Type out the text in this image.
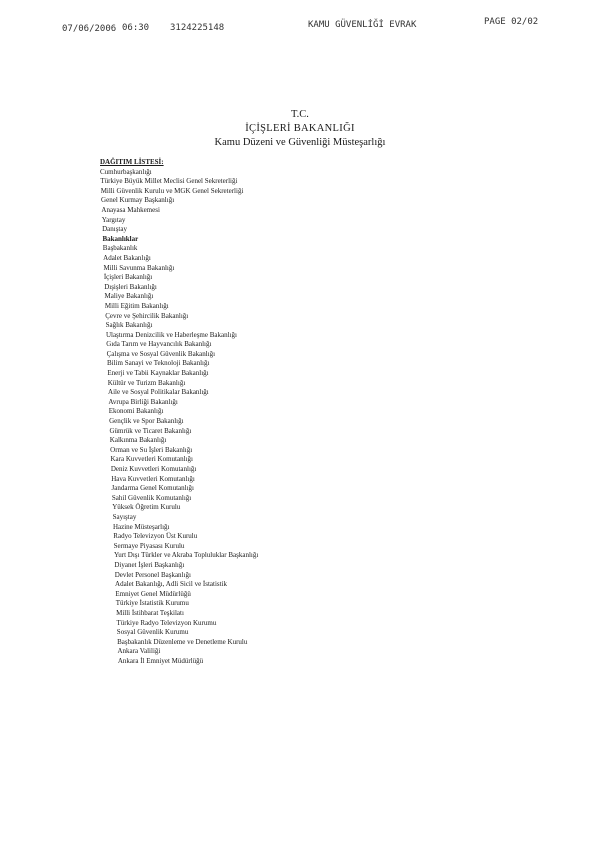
07/06/2006 06:30 3124225148	KAMU GÜVENLİĞİ EVRAK	PAGE 02/02
T.C.
İÇİŞLERİ BAKANLIĞI
Kamu Düzeni ve Güvenliği Müsteşarlığı
DAĞITIM LİSTESİ:
Cumhurbaşkanlığı
Türkiye Büyük Millet Meclisi Genel Sekreterliği
Milli Güvenlik Kurulu ve MGK Genel Sekreterliği
Genel Kurmay Başkanlığı
Anayasa Mahkemesi
Yargıtay
Danıştay
Bakanlıklar
Başbakanlık
Adalet Bakanlığı
Milli Savunma Bakanlığı
İçişleri Bakanlığı
Dışişleri Bakanlığı
Maliye Bakanlığı
Milli Eğitim Bakanlığı
Çevre ve Şehircilik Bakanlığı
Sağlık Bakanlığı
Ulaştırma Denizcilik ve Haberleşme Bakanlığı
Gıda Tarım ve Hayvancılık Bakanlığı
Çalışma ve Sosyal Güvenlik Bakanlığı
Bilim Sanayi ve Teknoloji Bakanlığı
Enerji ve Tabii Kaynaklar Bakanlığı
Kültür ve Turizm Bakanlığı
Aile ve Sosyal Politikalar Bakanlığı
Avrupa Birliği Bakanlığı
Ekonomi Bakanlığı
Gençlik ve Spor Bakanlığı
Gümrük ve Ticaret Bakanlığı
Kalkınma Bakanlığı
Orman ve Su İşleri Bakanlığı
Kara Kuvvetleri Komutanlığı
Deniz Kuvvetleri Komutanlığı
Hava Kuvvetleri Komutanlığı
Jandarma Genel Komutanlığı
Sahil Güvenlik Komutanlığı
Yüksek Öğretim Kurulu
Sayıştay
Hazine Müsteşarlığı
Radyo Televizyon Üst Kurulu
Sermaye Piyasası Kurulu
Yurt Dışı Türkler ve Akraba Topluluklar Başkanlığı
Diyanet İşleri Başkanlığı
Devlet Personel Başkanlığı
Adalet Bakanlığı, Adli Sicil ve İstatistik
Emniyet Genel Müdürlüğü
Türkiye İstatistik Kurumu
Milli İstihbarat Teşkilatı
Türkiye Radyo Televizyon Kurumu
Sosyal Güvenlik Kurumu
Başbakanlık Düzenleme ve Denetleme Kurulu
Ankara Valiliği
Ankara İl Emniyet Müdürlüğü
